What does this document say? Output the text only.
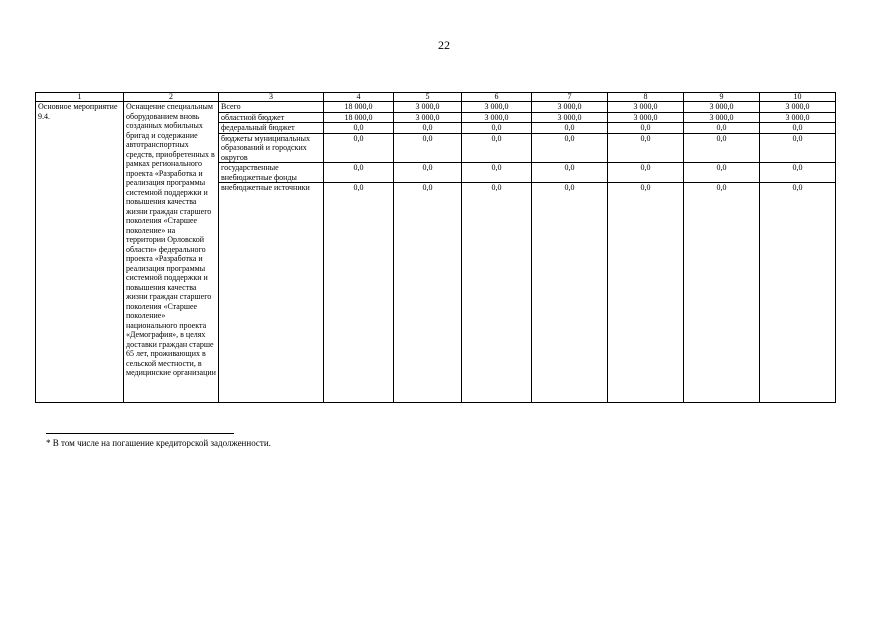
22
1	2	3	4	5	6	7	8	9	10
Основное мероприятие 9.4.	Оснащение специальным оборудованием вновь созданных мобильных бригад и содержание автотранспортных средств, приобретенных в рамках регионального проекта «Разработка и реализация программы системной поддержки и повышения качества жизни граждан старшего поколения «Старшее поколение» на территории Орловской области» федерального проекта «Разработка и реализация программы системной поддержки и повышения качества жизни граждан старшего поколения «Старшее поколение» национального проекта «Демография», в целях доставки граждан старше 65 лет, проживающих в сельской местности, в медицинские организации	Всего	18 000,0	3 000,0	3 000,0	3 000,0	3 000,0	3 000,0	3 000,0
		областной бюджет	18 000,0	3 000,0	3 000,0	3 000,0	3 000,0	3 000,0	3 000,0
		федеральный бюджет	0,0	0,0	0,0	0,0	0,0	0,0	0,0
		бюджеты муниципальных образований и городских округов	0,0	0,0	0,0	0,0	0,0	0,0	0,0
		государственные внебюджетные фонды	0,0	0,0	0,0	0,0	0,0	0,0	0,0
		внебюджетные источники	0,0	0,0	0,0	0,0	0,0	0,0	0,0
* В том числе на погашение кредиторской задолженности.
